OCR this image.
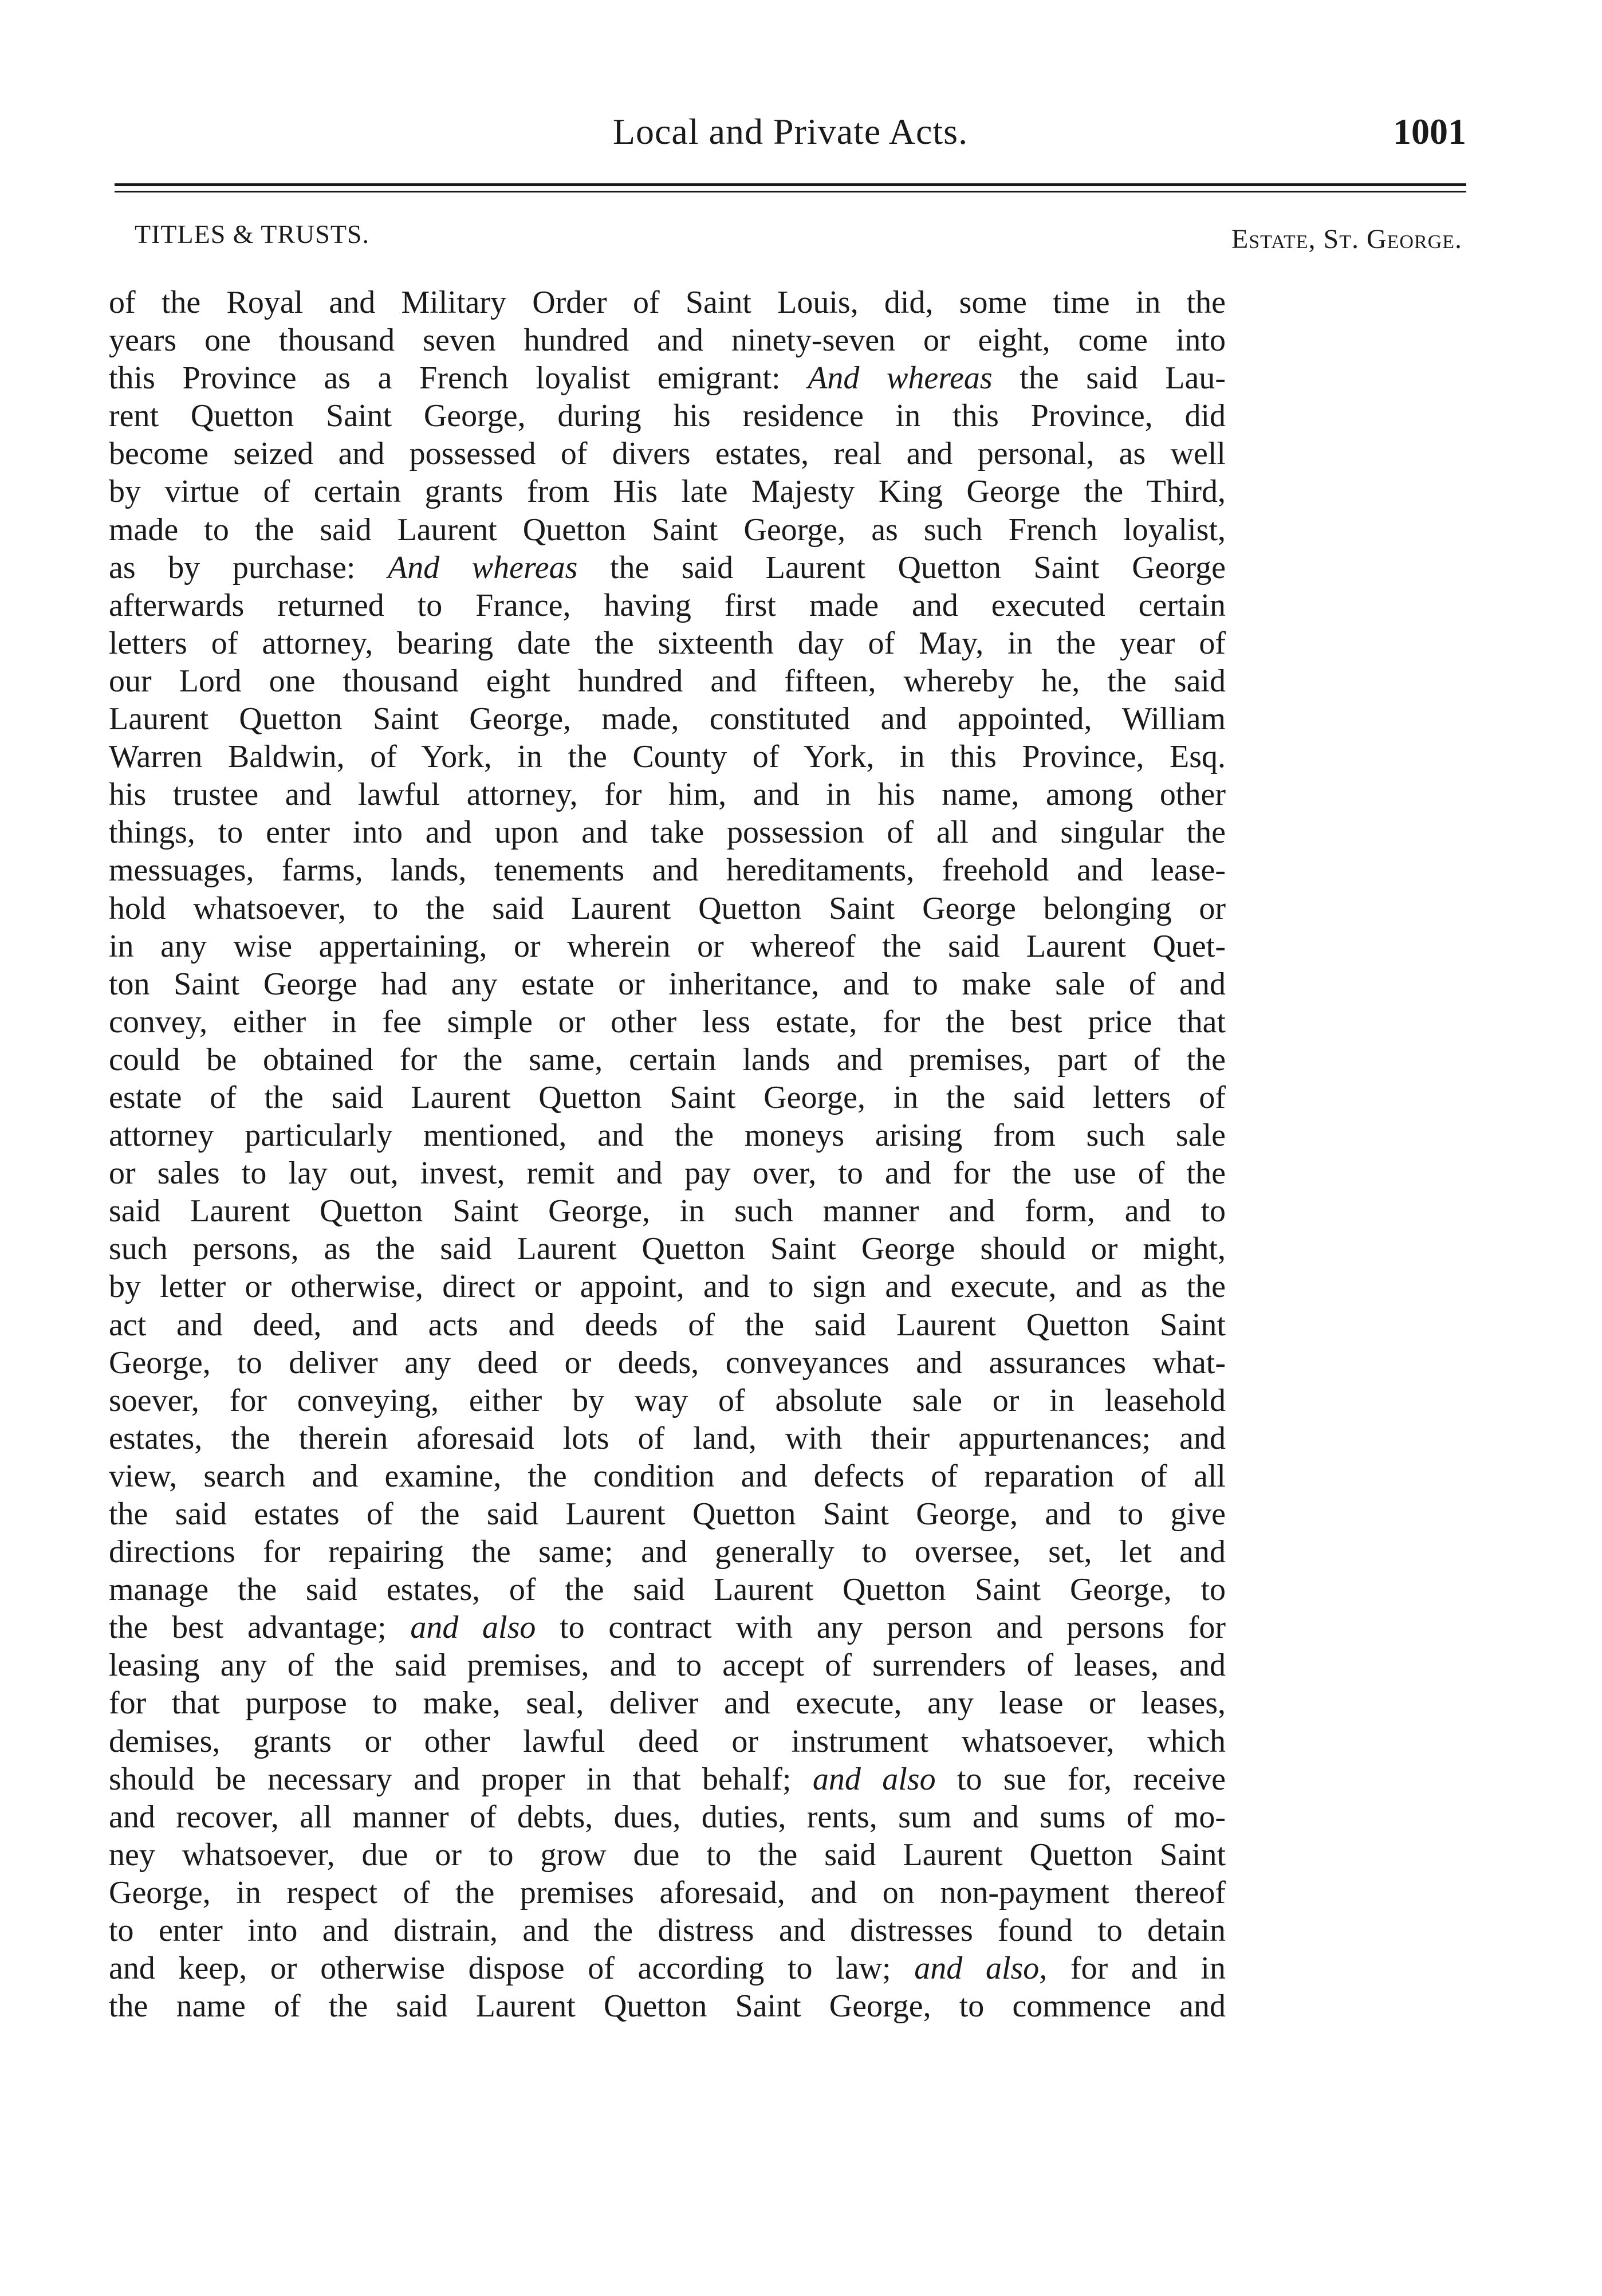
Local and Private Acts.	1001
TITLES & TRUSTS.	Estate, St. George.
of the Royal and Military Order of Saint Louis, did, some time in the
years one thousand seven hundred and ninety-seven or eight, come into
this Province as a French loyalist emigrant: And whereas the said Lau-
rent Quetton Saint George, during his residence in this Province, did
become seized and possessed of divers estates, real and personal, as well
by virtue of certain grants from His late Majesty King George the Third,
made to the said Laurent Quetton Saint George, as such French loyalist,
as by purchase: And whereas the said Laurent Quetton Saint George
afterwards returned to France, having first made and executed certain
letters of attorney, bearing date the sixteenth day of May, in the year of
our Lord one thousand eight hundred and fifteen, whereby he, the said
Laurent Quetton Saint George, made, constituted and appointed, William
Warren Baldwin, of York, in the County of York, in this Province, Esq.
his trustee and lawful attorney, for him, and in his name, among other
things, to enter into and upon and take possession of all and singular the
messuages, farms, lands, tenements and hereditaments, freehold and lease-
hold whatsoever, to the said Laurent Quetton Saint George belonging or
in any wise appertaining, or wherein or whereof the said Laurent Quet-
ton Saint George had any estate or inheritance, and to make sale of and
convey, either in fee simple or other less estate, for the best price that
could be obtained for the same, certain lands and premises, part of the
estate of the said Laurent Quetton Saint George, in the said letters of
attorney particularly mentioned, and the moneys arising from such sale
or sales to lay out, invest, remit and pay over, to and for the use of the
said Laurent Quetton Saint George, in such manner and form, and to
such persons, as the said Laurent Quetton Saint George should or might,
by letter or otherwise, direct or appoint, and to sign and execute, and as the
act and deed, and acts and deeds of the said Laurent Quetton Saint
George, to deliver any deed or deeds, conveyances and assurances what-
soever, for conveying, either by way of absolute sale or in leasehold
estates, the therein aforesaid lots of land, with their appurtenances; and
view, search and examine, the condition and defects of reparation of all
the said estates of the said Laurent Quetton Saint George, and to give
directions for repairing the same; and generally to oversee, set, let and
manage the said estates, of the said Laurent Quetton Saint George, to
the best advantage; and also to contract with any person and persons for
leasing any of the said premises, and to accept of surrenders of leases, and
for that purpose to make, seal, deliver and execute, any lease or leases,
demises, grants or other lawful deed or instrument whatsoever, which
should be necessary and proper in that behalf; and also to sue for, receive
and recover, all manner of debts, dues, duties, rents, sum and sums of mo-
ney whatsoever, due or to grow due to the said Laurent Quetton Saint
George, in respect of the premises aforesaid, and on non-payment thereof
to enter into and distrain, and the distress and distresses found to detain
and keep, or otherwise dispose of according to law; and also, for and in
the name of the said Laurent Quetton Saint George, to commence and
